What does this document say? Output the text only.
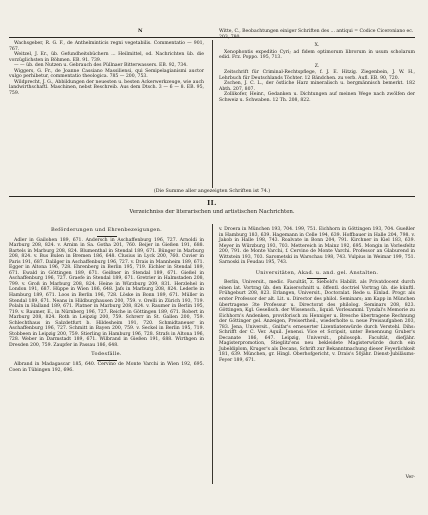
N	Witte, C., Beobachtungen einiger Schriften des ... antiqui = Codice Ciceroniano ec. 203, 780.

Wachsgeber, R. G. F., de Anthelminticis regni vegetabilis. Commentatio — 901, 767.

Weitzel, J. Er., üb. Gefundheitsbüchern ... Heilmittel, od. Nachrichten üb. die vorzüglichsten in Böhmen. EB. 91. 739.

— — üb. den Nutzen u. Gebrauch des Püllnaer Bitterwassers. EB. 92, 734.

Wiggers, G. Fr., de Joanne Cassiano Massiliensi, qui Semipelagianismi auctor vulgo perhibetur, commentatio theologica. 785 — 200, 753.

Wildprecht, J. G., Abbildungen der neuesten u. besten Ackerwerkzeuge, wie auch landwirthschaftl. Maschinen, nebst Beschreib. Aus dem Dtsch. 3 — 6 — 8. EB. 95, 759.

X.

Xenophontis expeditio Cyri; ad fidem optimorum librorum in usum scholarum edid. Frz. Poppo. 195, 713.

Z.

Zeitschrift für Criminal-Rechtspflege, f. J. E. Hitzig. Ziegenbein, J. W. H., Lehrbuch für Deutschlands Töchter. 12 Bändchen. zu verb. Aufl. EB. 90, 720.

Zschen, J. C. L., der östliche Harz mineralisch u. bergmännisch bemerkt. 182 Abth. 207, 807.

Zollikofer, Heinr., Gedanken u. Dichtungen auf meinen Wege nach zwölfen der Schweiz u. Schwaben. 12 Th. 208, 822.

(Die Summe aller angezeigten Schriften ist 74.)
II.
Verzeichniss der literarischen und artistischen Nachrichten.

Beförderungen und Ehrenbezeigungen.

Adler in Gailohen 189, 671. Andersch in Aschaffenburg 196, 727. Arnoldi in Marburg 208, 824. v. Arnim in Sa. Gotha 201, 760. Beijer in Gießen 191, 688. Bartels in Marburg 208, 824. Blumenthal in Stendal 189, 671. Bünger in Marburg 208, 824. v. Bus Bulen in Bremen 186, 648. Clusius in Lyck 200, 760. Cuvier in Paris 191, 687. Dalilger in Aschaffenburg 196, 727. v. Drais in Mannheim 189, 671. Egger in Altona 196, 728. Ehrenberg in Berlin 195, 719. Eichler in Stendal 189, 671. Ewald in Göttingen 189, 671. Geißner in Stendal 189, 671. Gießel in Aschaffenburg 196, 727. Graefe in Stendal 189, 671. Gretrier in Halmstaden 208, 799. v. Groß in Marburg 208, 824. Heine in Würzburg 209, 831. Herzlehel in London 191, 687. Hüppe in Wien 186, 648. Jafs in Marburg 208, 824. Lederle in Hamburg 189, 671. Loos in Berlin 196, 728. Löske in Bonn 189, 671. Müller in Stendal 189, 671. Neans in Hildburghausen 200, 759. v. Orelli in Zürich 193, 719. Polaln in Halland 189, 671. Platner in Marburg 208, 824. v. Raumer in Berlin 195, 719. v. Raumer, E., in Nürnberg 196, 727. Reiche in Göttingen 189, 671. Robert in Marburg 208, 824. Roth in Leipzig 200, 759. Schrerr in St. Gallen 200, 759. Schlechthaus in Salzdetfurt b. Hildesheim 191, 720. Schmidtaneuer in Aschaffenburg 196, 727. Schmitt in Bayen 200, 759. v. Seckel in Berlin 195, 719. Stobbeen in Leipzig 200, 759. Stierling in Hamburg 196, 728. Strafs in Altona 196, 728. Weber in Darmstadt 189, 671. Wilbrand in Gießen 191, 688. Wirthgen in Dresden 200, 759. Zaupfer in Passau 186, 648.

Todesfälle.

Albrand in Madagascar 185, 640. Cervino de Monte Varchi in Wien 192, 695. Coen in Tübingen 192, 696.

v. Droera in München 193, 704. 199, 751. Eichhorn in Göttingen 193, 704. Gueßler in Hamburg 183, 639. Hagemann in Celle 194, 639. Hoffbauer in Halle 204, 798. v. Jakob in Halle 198, 743. Roalvate in Bonn 204, 791. Kirchner in Kiel 183, 639. Meyer in Würzburg 193, 703. Mettereich in Mainz 192, 695. Mongin in Vorlesfeltz 200, 791. de Monte Varchi, f. Cervino de Monte Varchi. Professor an Glaburend in Wittstein 193, 703. Sarometski in Warschau 198, 743. Vulpius in Weimar 199, 751. Sarnoski in Feudau 195, 743.

Universitäten, Akad. u. and. gel. Anstalten.

Berlin, Universit., medic. Facultät, z. Siebold's Habilit. als Privatdocent durch einen lat. Vortrag üb. den Kaiserschnitt u. öffentl. doctriel Vortrag üb. die künftl. Frühgeburt 208, 823. Erlangen, Universit., Doctoralat. Rede u. Einlad. Progr. als erster Professor der alt. Lit. u. Director des philol. Seminars; am Kapp in München übertragene 3te Professur u. Directorat des philolog. Seminars 208, 823. Göttingen, Kgl. Gesellsch. der Wissensch., liquid. Vorlesamml. Tyndal's Memorie zu Eichhorn's Andenken, proviforisch zu Henniger u. Bresche übertragene Rechnung der Göttinger gel. Anzeigen, Preisertheil., wiederholte u. neue Preisaufgaben 203, 783. Jena, Universit., Gnifar's erneuerter Lizentiatenwürde durch Verstehl. Dihs: Schrifft der C. Ver. Aquil. Jenensi. Vice et Scripsit, unter Benennung Gruber's Decanate 186, 647. Leipzig, Universit., philosoph. Facultät, diefjähr. Magisterpromotion, Stieglitz'ens neu bekleidete Magisterwürde durch ein Jubeldiplom, Kruger's als Decans, Schrift zur Bekanntmachung dieser Feyerlichkeit 181, 639. München, gr. Hingl. Oberhofgericht, v. Drais's 50jähr. Dienst-Jubiläums-Feyer 189, 671.

Ver-
